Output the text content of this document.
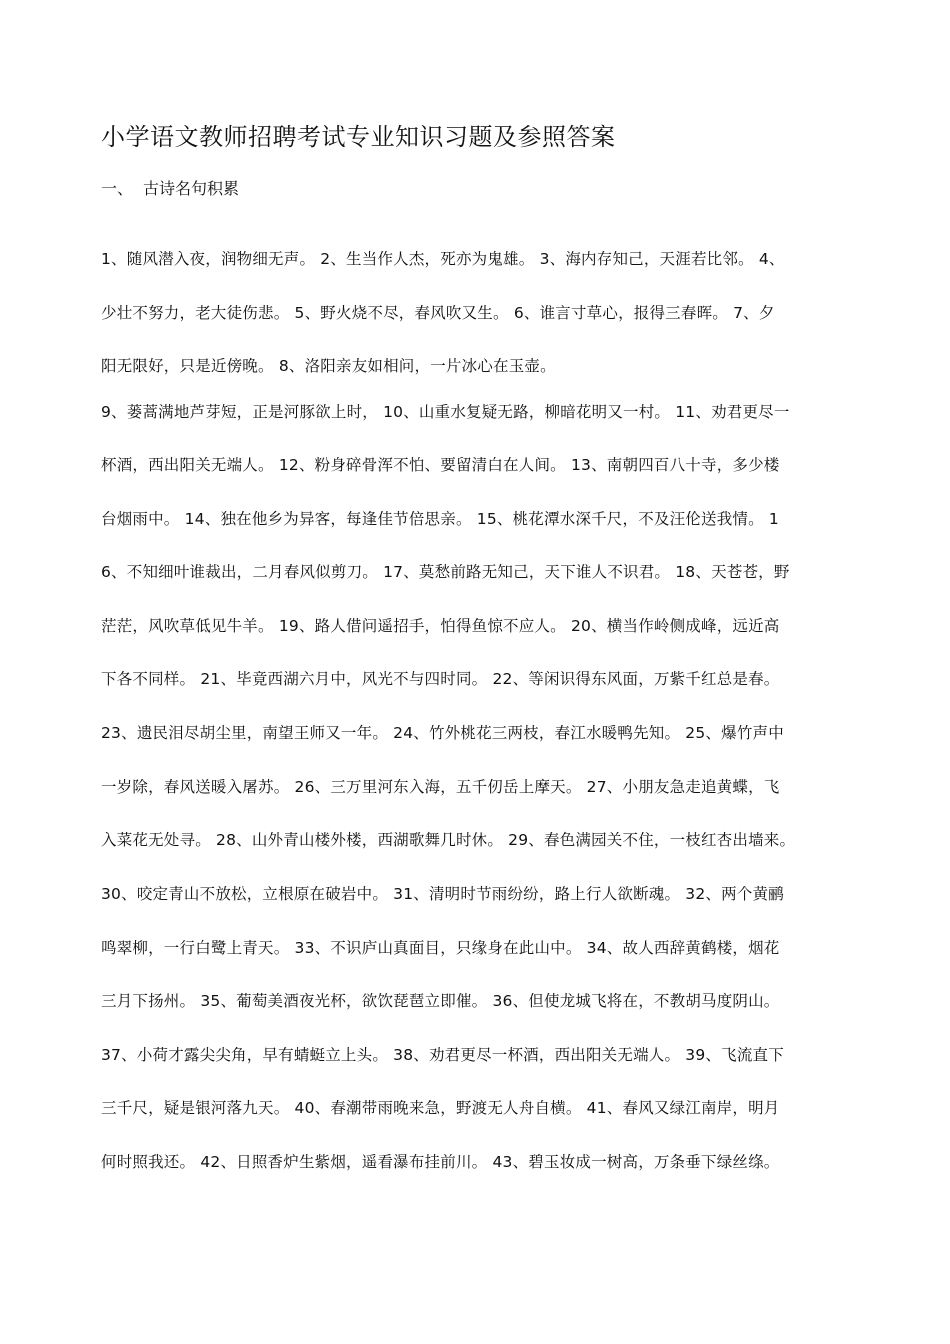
小学语文教师招聘考试专业知识习题及参照答案
一、 古诗名句积累
1、随风潜入夜，润物细无声。 2、生当作人杰，死亦为鬼雄。 3、海内存知己，天涯若比邻。 4、
少壮不努力，老大徒伤悲。 5、野火烧不尽，春风吹又生。 6、谁言寸草心，报得三春晖。 7、夕
阳无限好，只是近傍晚。 8、洛阳亲友如相问，一片冰心在玉壶。
9、蒌蒿满地芦芽短，正是河豚欲上时， 10、山重水复疑无路，柳暗花明又一村。 11、劝君更尽一
杯酒，西出阳关无端人。 12、粉身碎骨浑不怕、要留清白在人间。 13、南朝四百八十寺，多少楼
台烟雨中。 14、独在他乡为异客，每逢佳节倍思亲。 15、桃花潭水深千尺，不及汪伦送我情。 1
6、不知细叶谁裁出，二月春风似剪刀。 17、莫愁前路无知己，天下谁人不识君。 18、天苍苍，野
茫茫，风吹草低见牛羊。 19、路人借问遥招手，怕得鱼惊不应人。 20、横当作岭侧成峰，远近高
下各不同样。 21、毕竟西湖六月中，风光不与四时同。 22、等闲识得东风面，万紫千红总是春。
23、遗民泪尽胡尘里，南望王师又一年。 24、竹外桃花三两枝，春江水暖鸭先知。 25、爆竹声中
一岁除，春风送暖入屠苏。 26、三万里河东入海，五千仞岳上摩天。 27、小朋友急走追黄蝶，飞
入菜花无处寻。 28、山外青山楼外楼，西湖歌舞几时休。 29、春色满园关不住，一枝红杏出墙来。
30、咬定青山不放松，立根原在破岩中。 31、清明时节雨纷纷，路上行人欲断魂。 32、两个黄鹂
鸣翠柳，一行白鹭上青天。 33、不识庐山真面目，只缘身在此山中。 34、故人西辞黄鹤楼，烟花
三月下扬州。 35、葡萄美酒夜光杯，欲饮琵琶立即催。 36、但使龙城飞将在，不教胡马度阴山。
37、小荷才露尖尖角，早有蜻蜓立上头。 38、劝君更尽一杯酒，西出阳关无端人。 39、飞流直下
三千尺，疑是银河落九天。 40、春潮带雨晚来急，野渡无人舟自横。 41、春风又绿江南岸，明月
何时照我还。 42、日照香炉生紫烟，遥看瀑布挂前川。 43、碧玉妆成一树高，万条垂下绿丝绦。
